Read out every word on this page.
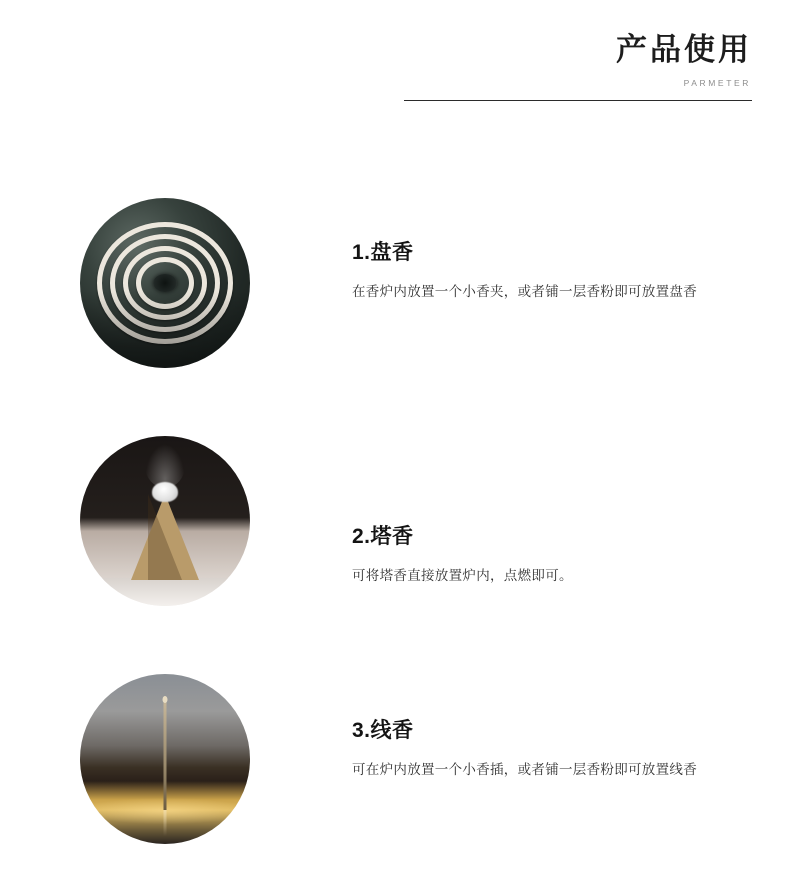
产品使用
PARMETER
1.盘香

在香炉内放置一个小香夹，或者铺一层香粉即可放置盘香

2.塔香

可将塔香直接放置炉内，点燃即可。

3.线香

可在炉内放置一个小香插，或者铺一层香粉即可放置线香
